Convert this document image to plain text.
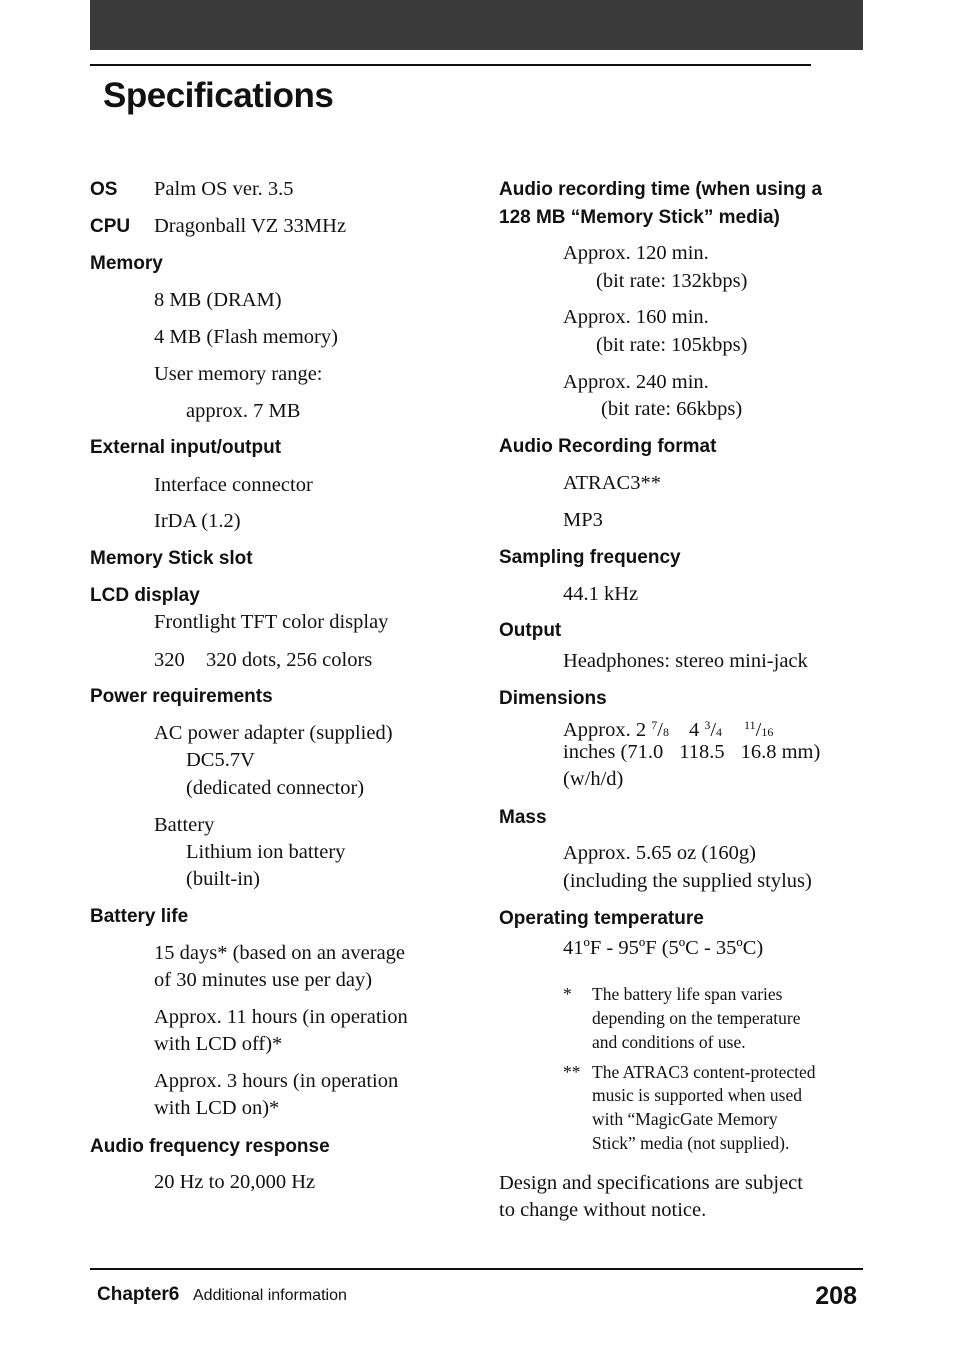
Specifications
OS Palm OS ver. 3.5
CPU Dragonball VZ 33MHz
Memory
8 MB (DRAM)
4 MB (Flash memory)
User memory range:
approx. 7 MB
External input/output
Interface connector
IrDA (1.2)
Memory Stick slot
LCD display
Frontlight TFT color display
320 320 dots, 256 colors
Power requirements
AC power adapter (supplied)
DC5.7V
(dedicated connector)
Battery
Lithium ion battery
(built-in)
Battery life
15 days* (based on an average
of 30 minutes use per day)
Approx. 11 hours (in operation
with LCD off)*
Approx. 3 hours (in operation
with LCD on)*
Audio frequency response
20 Hz to 20,000 Hz
Audio recording time (when using a
128 MB “Memory Stick” media)
Approx. 120 min.
(bit rate: 132kbps)
Approx. 160 min.
(bit rate: 105kbps)
Approx. 240 min.
(bit rate: 66kbps)
Audio Recording format
ATRAC3**
MP3
Sampling frequency
44.1 kHz
Output
Headphones: stereo mini-jack
Dimensions
Approx. 2 $^7$/8 4 $^3$/4 $^{11}$/16
inches (71.0 118.5 16.8 mm)
(w/h/d)
Mass
Approx. 5.65 oz (160g)
(including the supplied stylus)
Operating temperature
41ºF - 95ºF (5ºC - 35ºC)
* The battery life span varies
depending on the temperature
and conditions of use.
** The ATRAC3 content-protected
music is supported when used
with “MagicGate Memory
Stick” media (not supplied).
Design and specifications are subject
to change without notice.
Chapter6 Additional information	208
